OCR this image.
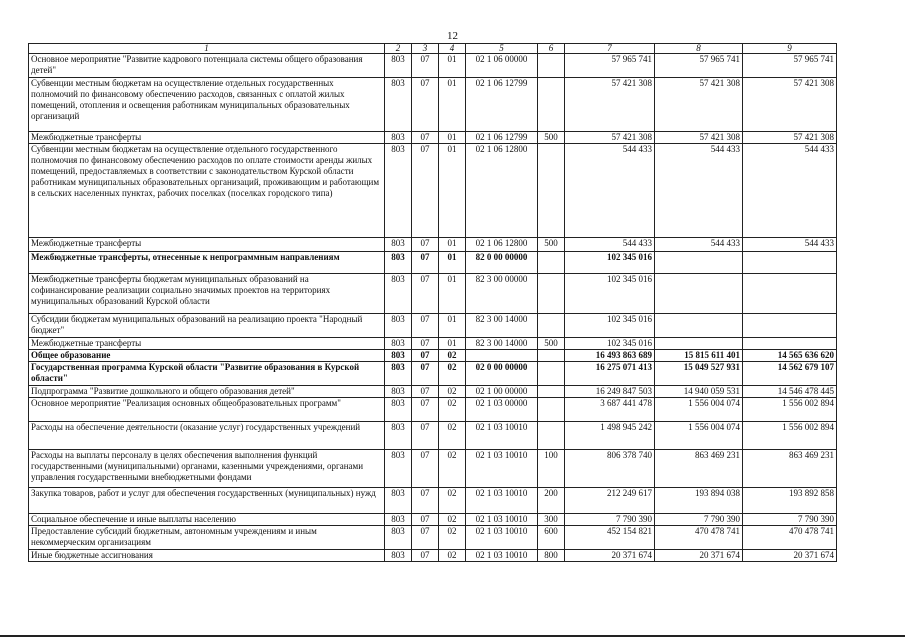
12
1	2	3	4	5	6	7	8	9
Основное мероприятие "Развитие кадрового потенциала системы общего образования детей"	803	07	01	02 1 06 00000		57 965 741	57 965 741	57 965 741
Субвенции местным бюджетам на осуществление отдельных государственных полномочий по финансовому обеспечению расходов, связанных с оплатой жилых помещений, отопления и освещения работникам муниципальных образовательных организаций	803	07	01	02 1 06 12799		57 421 308	57 421 308	57 421 308
Межбюджетные трансферты	803	07	01	02 1 06 12799	500	57 421 308	57 421 308	57 421 308
Субвенции местным бюджетам на осуществление отдельного государственного полномочия по финансовому обеспечению расходов по оплате стоимости аренды жилых помещений, предоставляемых в соответствии с законодательством Курской области работникам муниципальных образовательных организаций, проживающим и работающим в сельских населенных пунктах, рабочих поселках (поселках городского типа)	803	07	01	02 1 06 12800		544 433	544 433	544 433
Межбюджетные трансферты	803	07	01	02 1 06 12800	500	544 433	544 433	544 433
Межбюджетные трансферты, отнесенные к непрограммным направлениям	803	07	01	82 0 00 00000		102 345 016		
Межбюджетные трансферты бюджетам муниципальных образований на софинансирование реализации социально значимых проектов на территориях муниципальных образований Курской области	803	07	01	82 3 00 00000		102 345 016		
Субсидии бюджетам муниципальных образований на реализацию проекта "Народный бюджет"	803	07	01	82 3 00 14000		102 345 016		
Межбюджетные трансферты	803	07	01	82 3 00 14000	500	102 345 016		
Общее образование	803	07	02			16 493 863 689	15 815 611 401	14 565 636 620
Государственная программа Курской области "Развитие образования в Курской области"	803	07	02	02 0 00 00000		16 275 071 413	15 049 527 931	14 562 679 107
Подпрограмма "Развитие дошкольного и общего образования детей"	803	07	02	02 1 00 00000		16 249 847 503	14 940 059 531	14 546 478 445
Основное мероприятие "Реализация основных общеобразовательных программ"	803	07	02	02 1 03 00000		3 687 441 478	1 556 004 074	1 556 002 894
Расходы на обеспечение деятельности (оказание услуг) государственных учреждений	803	07	02	02 1 03 10010		1 498 945 242	1 556 004 074	1 556 002 894
Расходы на выплаты персоналу в целях обеспечения выполнения функций государственными (муниципальными) органами, казенными учреждениями, органами управления государственными внебюджетными фондами	803	07	02	02 1 03 10010	100	806 378 740	863 469 231	863 469 231
Закупка товаров, работ и услуг для обеспечения государственных (муниципальных) нужд	803	07	02	02 1 03 10010	200	212 249 617	193 894 038	193 892 858
Социальное обеспечение и иные выплаты населению	803	07	02	02 1 03 10010	300	7 790 390	7 790 390	7 790 390
Предоставление субсидий бюджетным, автономным учреждениям и иным некоммерческим организациям	803	07	02	02 1 03 10010	600	452 154 821	470 478 741	470 478 741
Иные бюджетные ассигнования	803	07	02	02 1 03 10010	800	20 371 674	20 371 674	20 371 674
